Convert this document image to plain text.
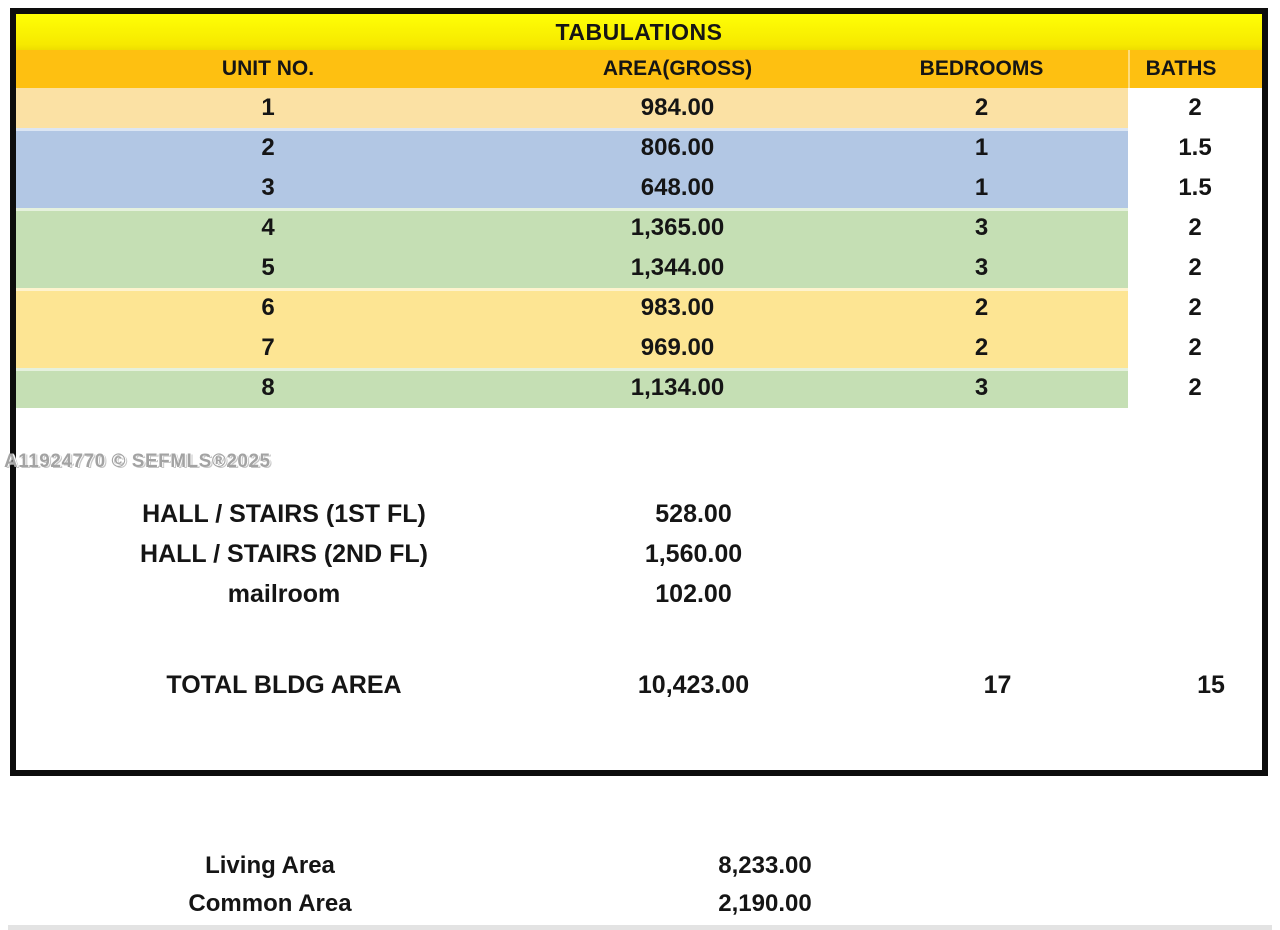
TABULATIONS
UNIT NO.	AREA(GROSS)	BEDROOMS	BATHS
1	984.00	2	2
2	806.00	1	1.5
3	648.00	1	1.5
4	1,365.00	3	2
5	1,344.00	3	2
6	983.00	2	2
7	969.00	2	2
8	1,134.00	3	2
HALL / STAIRS (1ST FL)	528.00
HALL / STAIRS (2ND FL)	1,560.00
mailroom	102.00
TOTAL BLDG AREA	10,423.00	17	15
A11924770 © SEFMLS®2025
Living Area	8,233.00
Common Area	2,190.00
